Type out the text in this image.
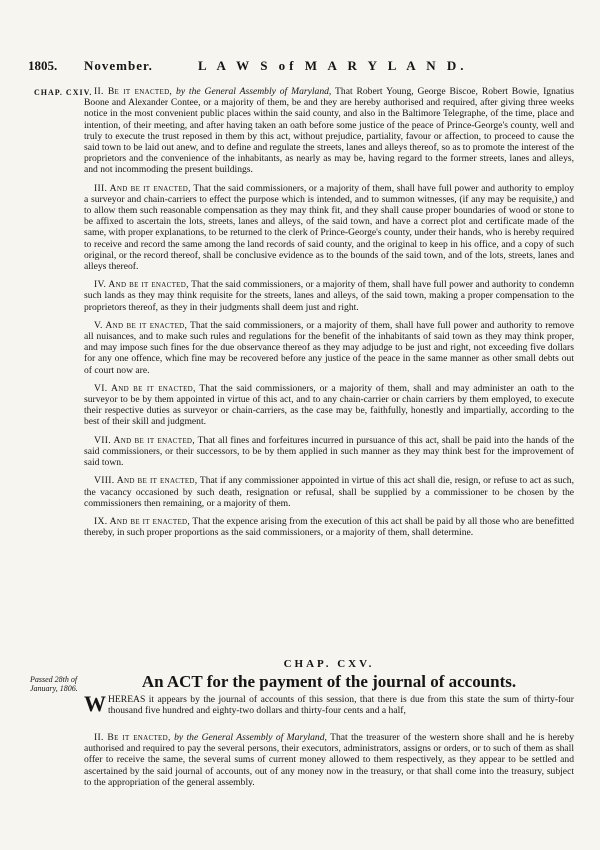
1805. November.	L A W S of M A R Y L A N D.
CHAP. CXIV.
Passed 28th of January, 1806.

II. Be it enacted, by the General Assembly of Maryland, That Robert Young, George Biscoe, Robert Bowie, Ignatius Boone and Alexander Contee, or a majority of them, be and they are hereby authorised and required, after giving three weeks notice in the most convenient public places within the said county, and also in the Baltimore Telegraphe, of the time, place and intention, of their meeting, and after having taken an oath before some justice of the peace of Prince-George's county, well and truly to execute the trust reposed in them by this act, without prejudice, partiality, favour or affection, to proceed to cause the said town to be laid out anew, and to define and regulate the streets, lanes and alleys thereof, so as to promote the interest of the proprietors and the convenience of the inhabitants, as nearly as may be, having regard to the former streets, lanes and alleys, and not incommoding the present buildings.

III. And be it enacted, That the said commissioners, or a majority of them, shall have full power and authority to employ a surveyor and chain-carriers to effect the purpose which is intended, and to summon witnesses, (if any may be requisite,) and to allow them such reasonable compensation as they may think fit, and they shall cause proper boundaries of wood or stone to be affixed to ascertain the lots, streets, lanes and alleys, of the said town, and have a correct plot and certificate made of the same, with proper explanations, to be returned to the clerk of Prince-George's county, under their hands, who is hereby required to receive and record the same among the land records of said county, and the original to keep in his office, and a copy of such original, or the record thereof, shall be conclusive evidence as to the bounds of the said town, and of the lots, streets, lanes and alleys thereof.

IV. And be it enacted, That the said commissioners, or a majority of them, shall have full power and authority to condemn such lands as they may think requisite for the streets, lanes and alleys, of the said town, making a proper compensation to the proprietors thereof, as they in their judgments shall deem just and right.

V. And be it enacted, That the said commissioners, or a majority of them, shall have full power and authority to remove all nuisances, and to make such rules and regulations for the benefit of the inhabitants of said town as they may think proper, and may impose such fines for the due observance thereof as they may adjudge to be just and right, not exceeding five dollars for any one offence, which fine may be recovered before any justice of the peace in the same manner as other small debts out of court now are.

VI. And be it enacted, That the said commissioners, or a majority of them, shall and may administer an oath to the surveyor to be by them appointed in virtue of this act, and to any chain-carrier or chain carriers by them employed, to execute their respective duties as surveyor or chain-carriers, as the case may be, faithfully, honestly and impartially, according to the best of their skill and judgment.

VII. And be it enacted, That all fines and forfeitures incurred in pursuance of this act, shall be paid into the hands of the said commissioners, or their successors, to be by them applied in such manner as they may think best for the improvement of said town.

VIII. And be it enacted, That if any commissioner appointed in virtue of this act shall die, resign, or refuse to act as such, the vacancy occasioned by such death, resignation or refusal, shall be supplied by a commissioner to be chosen by the commissioners then remaining, or a majority of them.

IX. And be it enacted, That the expence arising from the execution of this act shall be paid by all those who are benefitted thereby, in such proper proportions as the said commissioners, or a majority of them, shall determine.

CHAP. CXV.
An ACT for the payment of the journal of accounts.
W HEREAS it appears by the journal of accounts of this session, that there is due from this state the sum of thirty-four thousand five hundred and eighty-two dollars and thirty-four cents and a half,
II. Be it enacted, by the General Assembly of Maryland, That the treasurer of the western shore shall and he is hereby authorised and required to pay the several persons, their executors, administrators, assigns or orders, or to such of them as shall offer to receive the same, the several sums of current money allowed to them respectively, as they appear to be settled and ascertained by the said journal of accounts, out of any money now in the treasury, or that shall come into the treasury, subject to the appropriation of the general assembly.
